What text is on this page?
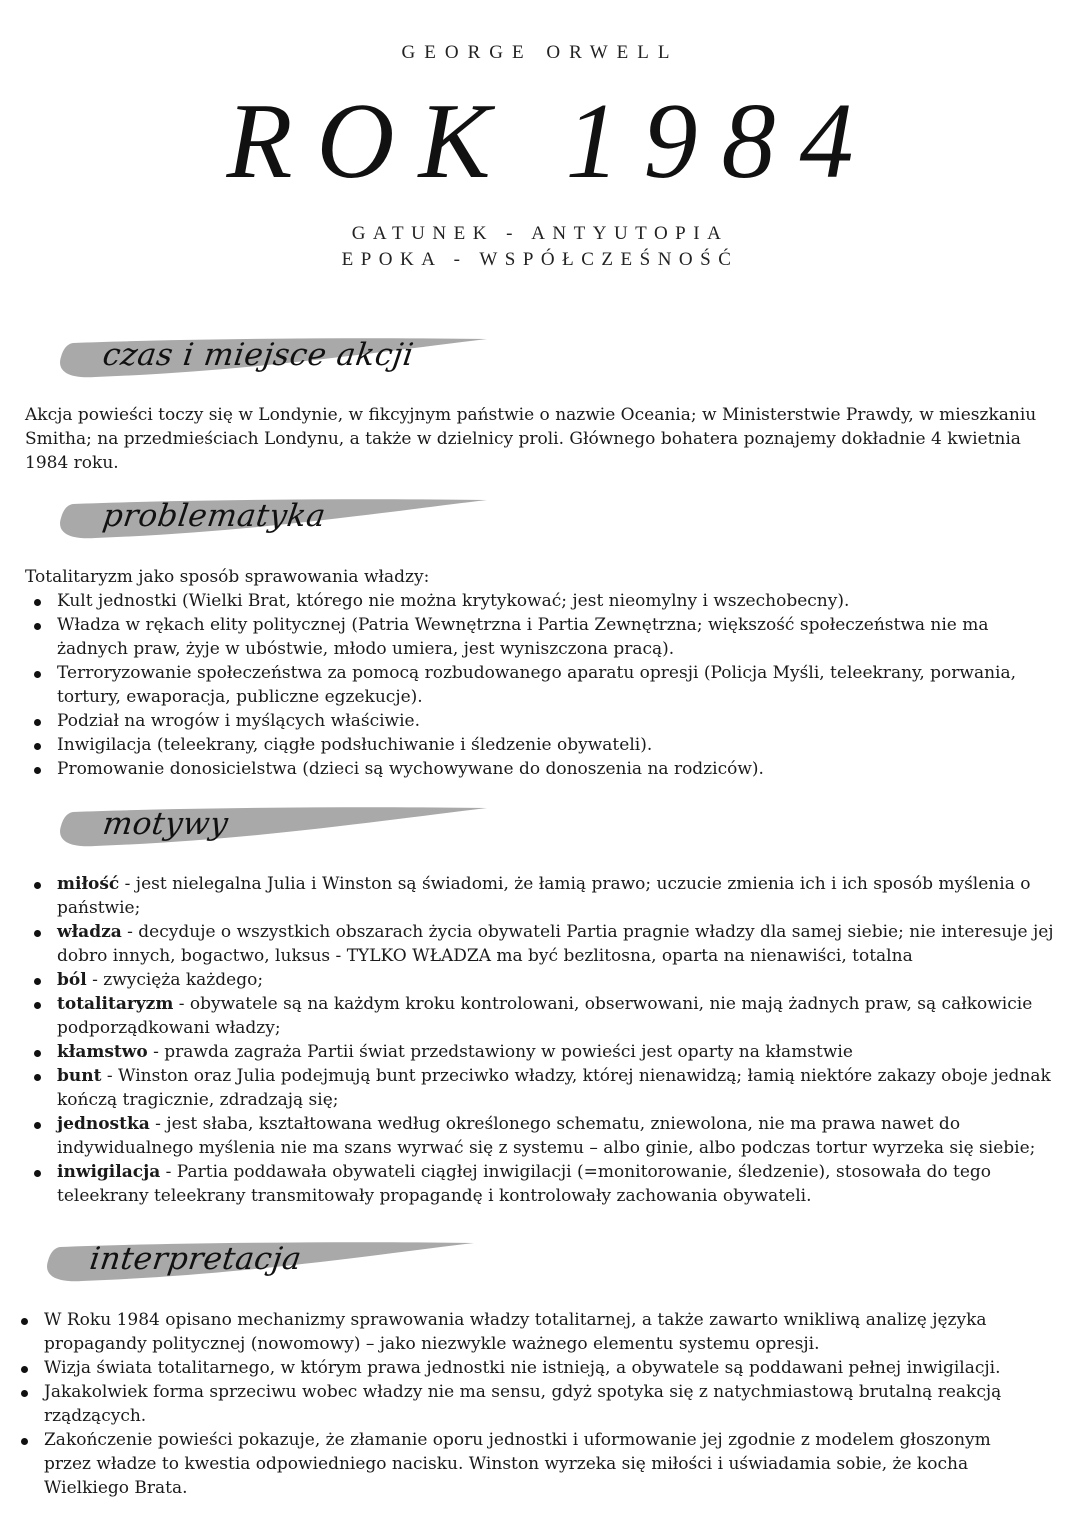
GEORGE ORWELL
ROK 1984
GATUNEK - ANTYUTOPIA
EPOKA - WSPÓŁCZEŚNOŚĆ
czas i miejsce akcji
Akcja powieści toczy się w Londynie, w fikcyjnym państwie o nazwie Oceania; w Ministerstwie Prawdy, w mieszkaniu Smitha; na przedmieściach Londynu, a także w dzielnicy proli. Głównego bohatera poznajemy dokładnie 4 kwietnia 1984 roku.
problematyka
Totalitaryzm jako sposób sprawowania władzy:
Kult jednostki (Wielki Brat, którego nie można krytykować; jest nieomylny i wszechobecny).
Władza w rękach elity politycznej (Patria Wewnętrzna i Partia Zewnętrzna; większość społeczeństwa nie ma żadnych praw, żyje w ubóstwie, młodo umiera, jest wyniszczona pracą).
Terroryzowanie społeczeństwa za pomocą rozbudowanego aparatu opresji (Policja Myśli, teleekrany, porwania, tortury, ewaporacja, publiczne egzekucje).
Podział na wrogów i myślących właściwie.
Inwigilacja (teleekrany, ciągłe podsłuchiwanie i śledzenie obywateli).
Promowanie donosicielstwa (dzieci są wychowywane do donoszenia na rodziców).
motywy
miłość - jest nielegalna Julia i Winston są świadomi, że łamią prawo; uczucie zmienia ich i ich sposób myślenia o państwie;
władza - decyduje o wszystkich obszarach życia obywateli Partia pragnie władzy dla samej siebie; nie interesuje jej dobro innych, bogactwo, luksus - TYLKO WŁADZA ma być bezlitosna, oparta na nienawiści, totalna
ból - zwycięża każdego;
totalitaryzm - obywatele są na każdym kroku kontrolowani, obserwowani, nie mają żadnych praw, są całkowicie podporządkowani władzy;
kłamstwo - prawda zagraża Partii świat przedstawiony w powieści jest oparty na kłamstwie
bunt - Winston oraz Julia podejmują bunt przeciwko władzy, której nienawidzą; łamią niektóre zakazy oboje jednak kończą tragicznie, zdradzają się;
jednostka - jest słaba, kształtowana według określonego schematu, zniewolona, nie ma prawa nawet do indywidualnego myślenia nie ma szans wyrwać się z systemu – albo ginie, albo podczas tortur wyrzeka się siebie;
inwigilacja - Partia poddawała obywateli ciągłej inwigilacji (=monitorowanie, śledzenie), stosowała do tego teleekrany teleekrany transmitowały propagandę i kontrolowały zachowania obywateli.
interpretacja
W Roku 1984 opisano mechanizmy sprawowania władzy totalitarnej, a także zawarto wnikliwą analizę języka propagandy politycznej (nowomowy) – jako niezwykle ważnego elementu systemu opresji.
Wizja świata totalitarnego, w którym prawa jednostki nie istnieją, a obywatele są poddawani pełnej inwigilacji.
Jakakolwiek forma sprzeciwu wobec władzy nie ma sensu, gdyż spotyka się z natychmiastową brutalną reakcją rządzących.
Zakończenie powieści pokazuje, że złamanie oporu jednostki i uformowanie jej zgodnie z modelem głoszonym przez władze to kwestia odpowiedniego nacisku. Winston wyrzeka się miłości i uświadamia sobie, że kocha Wielkiego Brata.
